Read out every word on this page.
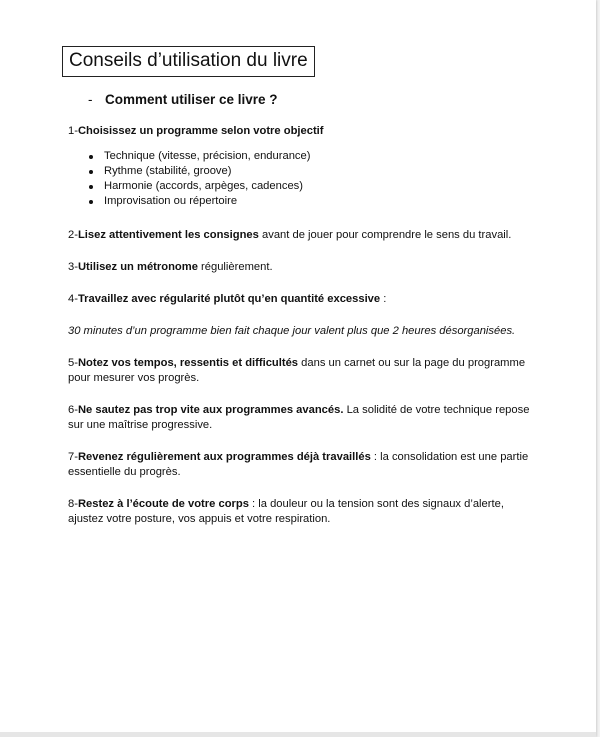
Conseils d’utilisation du livre
- Comment utiliser ce livre ?
1-Choisissez un programme selon votre objectif
Technique (vitesse, précision, endurance)
Rythme (stabilité, groove)
Harmonie (accords, arpèges, cadences)
Improvisation ou répertoire
2-Lisez attentivement les consignes avant de jouer pour comprendre le sens du travail.
3-Utilisez un métronome régulièrement.
4-Travaillez avec régularité plutôt qu’en quantité excessive :
30 minutes d’un programme bien fait chaque jour valent plus que 2 heures désorganisées.
5-Notez vos tempos, ressentis et difficultés dans un carnet ou sur la page du programme pour mesurer vos progrès.
6-Ne sautez pas trop vite aux programmes avancés. La solidité de votre technique repose sur une maîtrise progressive.
7-Revenez régulièrement aux programmes déjà travaillés : la consolidation est une partie essentielle du progrès.
8-Restez à l’écoute de votre corps : la douleur ou la tension sont des signaux d’alerte, ajustez votre posture, vos appuis et votre respiration.
